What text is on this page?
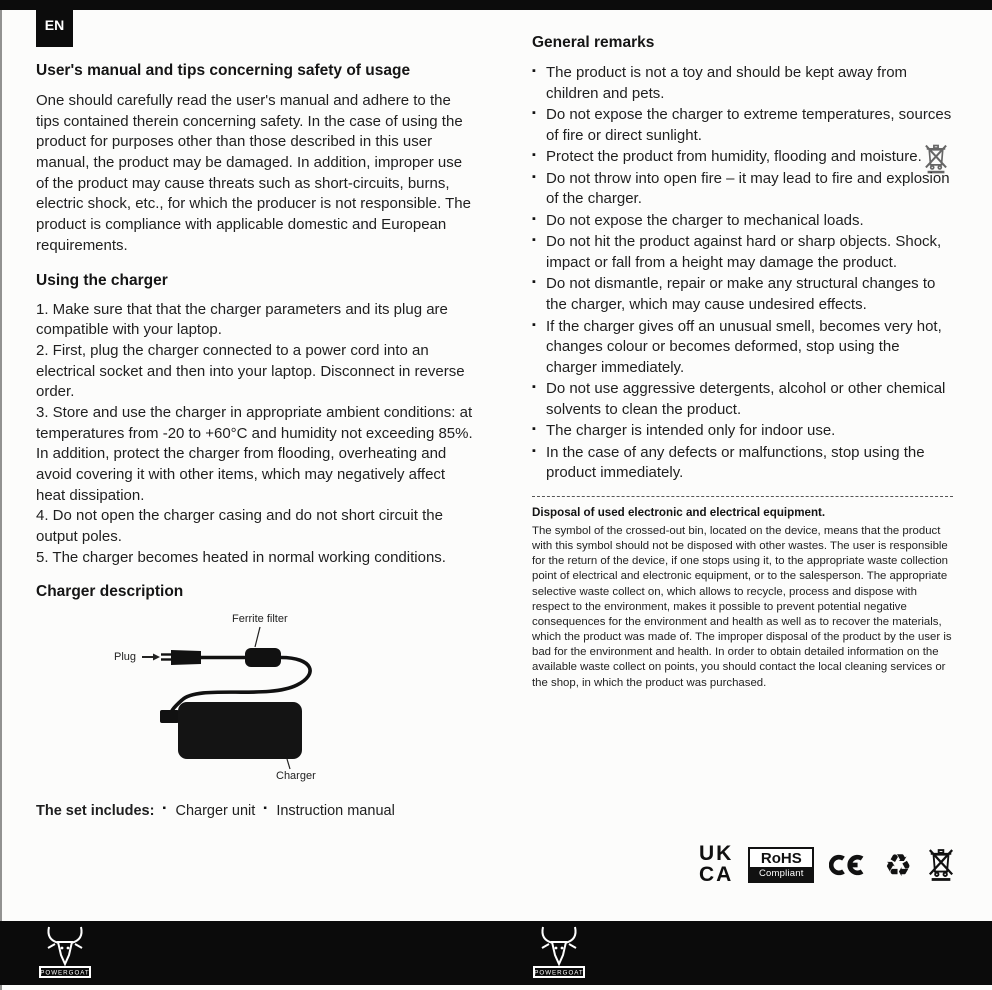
EN
User's manual and tips concerning safety of usage

One should carefully read the user's manual and adhere to the tips contained therein concerning safety. In the case of using the product for purposes other than those described in this user manual, the product may be damaged. In addition, improper use of the product may cause threats such as short-circuits, burns, electric shock, etc., for which the producer is not responsible. The product is compliance with applicable domestic and European requirements.

Using the charger

1. Make sure that that the charger parameters and its plug are compatible with your laptop.

2. First, plug the charger connected to a power cord into an electrical socket and then into your laptop. Disconnect in reverse order.

3. Store and use the charger in appropriate ambient conditions: at temperatures from -20 to +60°C and humidity not exceeding 85%. In addition, protect the charger from flooding, overheating and avoid covering it with other items, which may negatively affect heat dissipation.

4. Do not open the charger casing and do not short circuit the output poles.

5. The charger becomes heated in normal working conditions.

Charger description
Ferrite filter
Plug
Charger

The set includes: ▪ Charger unit ▪ Instruction manual

General remarks
▪ The product is not a toy and should be kept away from children and pets.
▪ Do not expose the charger to extreme temperatures, sources of fire or direct sunlight.
▪ Protect the product from humidity, flooding and moisture.
▪ Do not throw into open fire – it may lead to fire and explosion of the charger.
▪ Do not expose the charger to mechanical loads.
▪ Do not hit the product against hard or sharp objects. Shock, impact or fall from a height may damage the product.
▪ Do not dismantle, repair or make any structural changes to the charger, which may cause undesired effects.
▪ If the charger gives off an unusual smell, becomes very hot, changes colour or becomes deformed, stop using the charger immediately.
▪ Do not use aggressive detergents, alcohol or other chemical solvents to clean the product.
▪ The charger is intended only for indoor use.
▪ In the case of any defects or malfunctions, stop using the product immediately.
Disposal of used electronic and electrical equipment.

The symbol of the crossed-out bin, located on the device, means that the product with this symbol should not be disposed with other wastes. The user is responsible for the return of the device, if one stops using it, to the appropriate waste collection point of electrical and electronic equipment, or to the salesperson. The appropriate selective waste collect on, which allows to recycle, process and dispose with respect to the environment, makes it possible to prevent potential negative consequences for the environment and health as well as to recover the materials, which the product was made of. The improper disposal of the product by the user is bad for the environment and health. In order to obtain detailed information on the available waste collect on points, you should contact the local cleaning services or the shop, in which the product was purchased.

UK
CA
RoHS
Compliant	♻
POWERGOAT	POWERGOAT
